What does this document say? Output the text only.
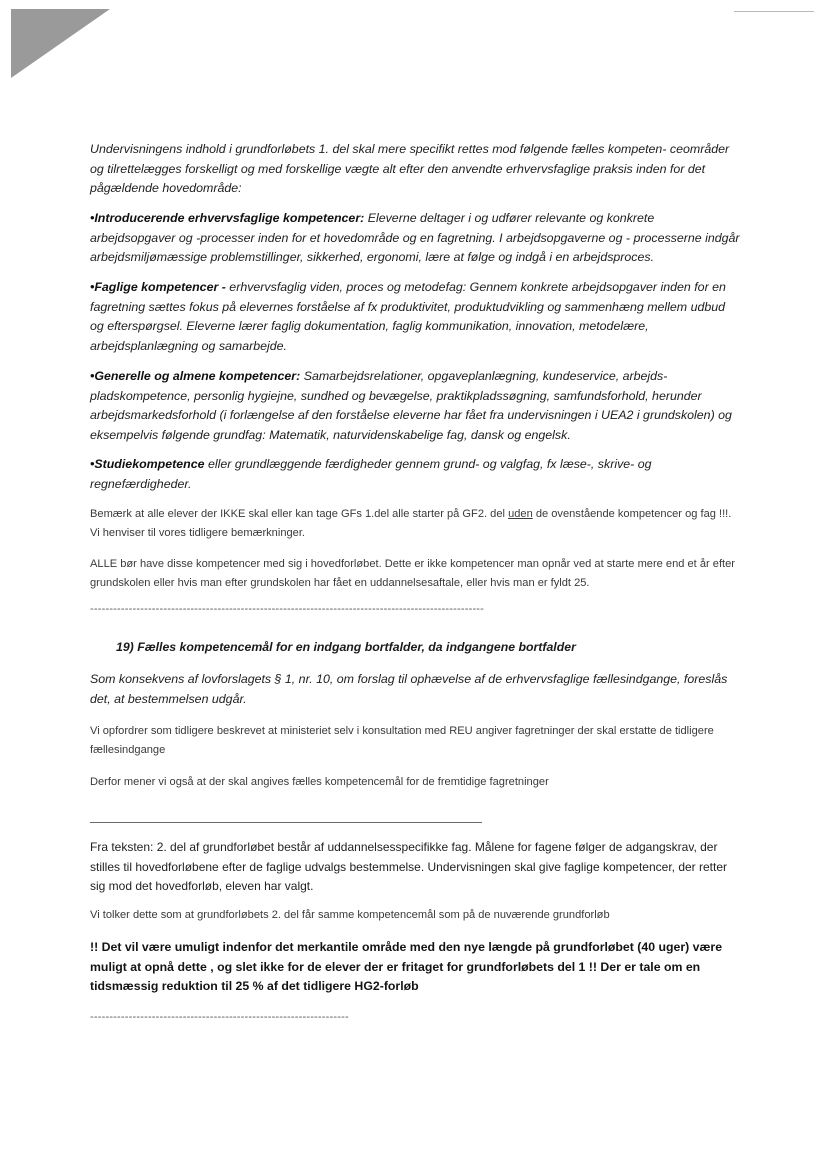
Undervisningens indhold i grundforløbets 1. del skal mere specifikt rettes mod følgende fælles kompeten- ceområder og tilrettelægges forskelligt og med forskellige vægte alt efter den anvendte erhvervsfaglige praksis inden for det pågældende hovedområde:

•Introducerende erhvervsfaglige kompetencer: Eleverne deltager i og udfører relevante og konkrete arbejdsopgaver og -processer inden for et hovedområde og en fagretning. I arbejdsopgaverne og - processerne indgår arbejdsmiljømæssige problemstillinger, sikkerhed, ergonomi, lære at følge og indgå i en arbejdsproces.

•Faglige kompetencer - erhvervsfaglig viden, proces og metodefag: Gennem konkrete arbejdsopgaver inden for en fagretning sættes fokus på elevernes forståelse af fx produktivitet, produktudvikling og sammenhæng mellem udbud og efterspørgsel. Eleverne lærer faglig dokumentation, faglig kommunikation, innovation, metodelære, arbejdsplanlægning og samarbejde.

•Generelle og almene kompetencer: Samarbejdsrelationer, opgaveplanlægning, kundeservice, arbejds- pladskompetence, personlig hygiejne, sundhed og bevægelse, praktikpladssøgning, samfundsforhold, herunder arbejdsmarkedsforhold (i forlængelse af den forståelse eleverne har fået fra undervisningen i UEA2 i grundskolen) og eksempelvis følgende grundfag: Matematik, naturvidenskabelige fag, dansk og engelsk.

•Studiekompetence eller grundlæggende færdigheder gennem grund- og valgfag, fx læse-, skrive- og regnefærdigheder.

Bemærk at alle elever der IKKE skal eller kan tage GFs 1.del alle starter på GF2. del uden de ovenstående kompetencer og fag !!!. Vi henviser til vores tidligere bemærkninger.

ALLE bør have disse kompetencer med sig i hovedforløbet. Dette er ikke kompetencer man opnår ved at starte mere end et år efter grundskolen eller hvis man efter grundskolen har fået en uddannelsesaftale, eller hvis man er fyldt 25.

------------------------------------------------------------------------------------------------------
19) Fælles kompetencemål for en indgang bortfalder, da indgangene bortfalder

Som konsekvens af lovforslagets § 1, nr. 10, om forslag til ophævelse af de erhvervsfaglige fællesindgange, foreslås det, at bestemmelsen udgår.

Vi opfordrer som tidligere beskrevet at ministeriet selv i konsultation med REU angiver fagretninger der skal erstatte de tidligere fællesindgange

Derfor mener vi også at der skal angives fælles kompetencemål for de fremtidige fagretninger

Fra teksten: 2. del af grundforløbet består af uddannelsesspecifikke fag. Målene for fagene følger de adgangskrav, der stilles til hovedforløbene efter de faglige udvalgs bestemmelse. Undervisningen skal give faglige kompetencer, der retter sig mod det hovedforløb, eleven har valgt.

Vi tolker dette som at grundforløbets 2. del får samme kompetencemål som på de nuværende grundforløb

!! Det vil være umuligt indenfor det merkantile område med den nye længde på grundforløbet (40 uger) være muligt at opnå dette , og slet ikke for de elever der er fritaget for grundforløbets del 1 !! Der er tale om en tidsmæssig reduktion til 25 % af det tidligere HG2-forløb

-------------------------------------------------------------------
